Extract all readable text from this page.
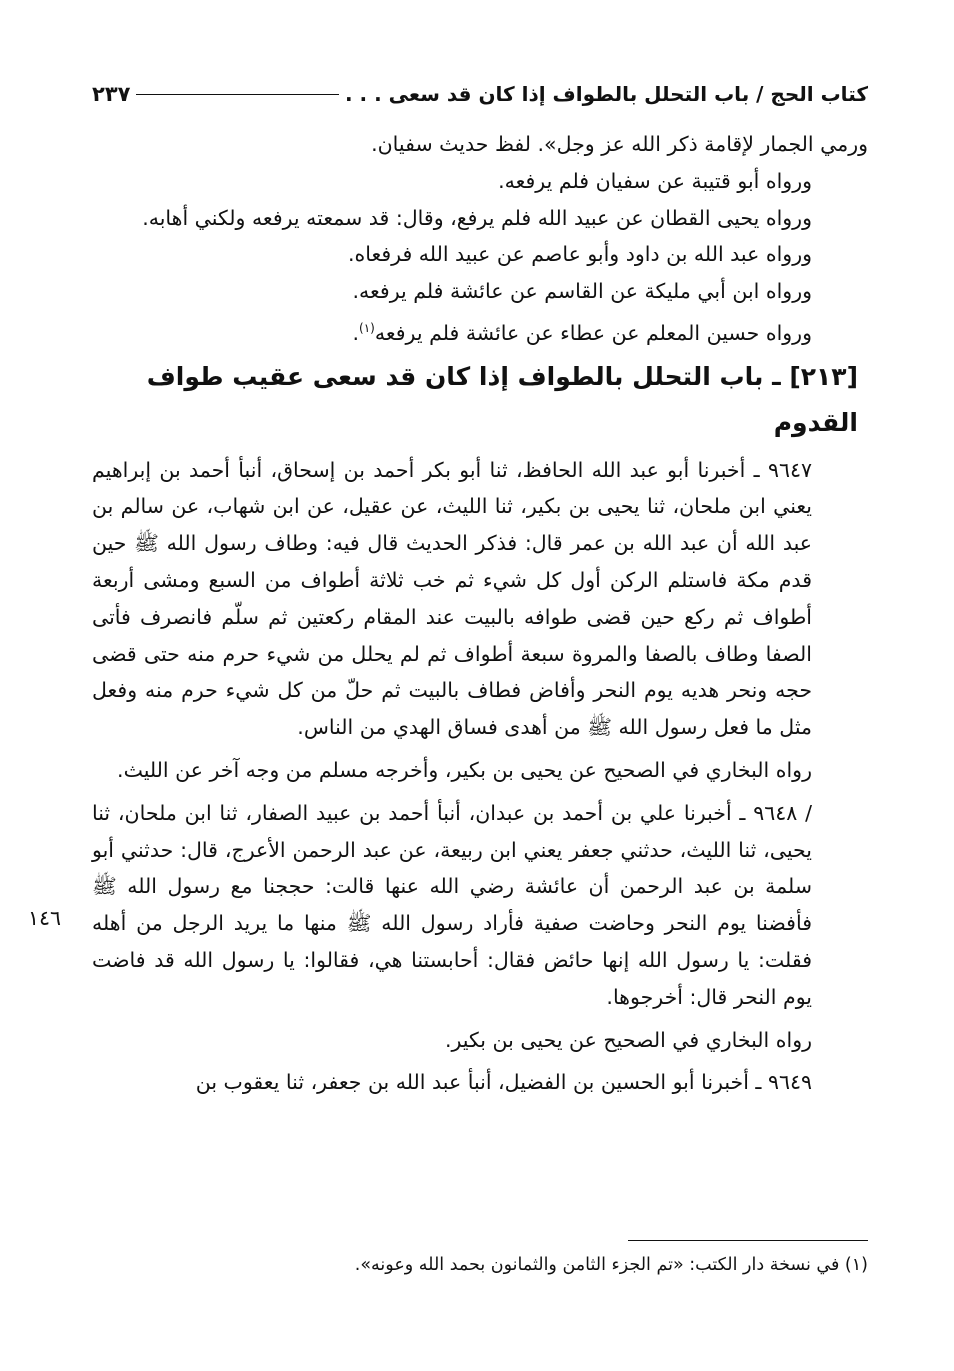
كتاب الحج / باب التحلل بالطواف إذا كان قد سعى . . .
٢٣٧

ورمي الجمار لإقامة ذكر الله عز وجل». لفظ حديث سفيان.

ورواه أبو قتيبة عن سفيان فلم يرفعه.

ورواه يحيى القطان عن عبيد الله فلم يرفع، وقال: قد سمعته يرفعه ولكني أهابه.

ورواه عبد الله بن داود وأبو عاصم عن عبيد الله فرفعاه.

ورواه ابن أبي مليكة عن القاسم عن عائشة فلم يرفعه.

ورواه حسين المعلم عن عطاء عن عائشة فلم يرفعه$^{(١)}$.

[٢١٣] ـ باب التحلل بالطواف إذا كان قد سعى عقيب طواف القدوم

٩٦٤٧ ـ أخبرنا أبو عبد الله الحافظ، ثنا أبو بكر أحمد بن إسحاق، أنبأ أحمد بن إبراهيم يعني ابن ملحان، ثنا يحيى بن بكير، ثنا الليث، عن عقيل، عن ابن شهاب، عن سالم بن عبد الله أن عبد الله بن عمر قال: فذكر الحديث قال فيه: وطاف رسول الله ﷺ حين قدم مكة فاستلم الركن أول كل شيء ثم خب ثلاثة أطواف من السبع ومشى أربعة أطواف ثم ركع حين قضى طوافه بالبيت عند المقام ركعتين ثم سلّم فانصرف فأتى الصفا وطاف بالصفا والمروة سبعة أطواف ثم لم يحلل من شيء حرم منه حتى قضى حجه ونحر هديه يوم النحر وأفاض فطاف بالبيت ثم حلّ من كل شيء حرم منه وفعل مثل ما فعل رسول الله ﷺ من أهدى فساق الهدي من الناس.

رواه البخاري في الصحيح عن يحيى بن بكير، وأخرجه مسلم من وجه آخر عن الليث.

/ ٩٦٤٨ ـ أخبرنا علي بن أحمد بن عبدان، أنبأ أحمد بن عبيد الصفار، ثنا ابن ملحان، ثنا يحيى، ثنا الليث، حدثني جعفر يعني ابن ربيعة، عن عبد الرحمن الأعرج، قال: حدثني أبو سلمة بن عبد الرحمن أن عائشة رضي الله عنها قالت: حججنا مع رسول الله ﷺ فأفضنا يوم النحر وحاضت صفية فأراد رسول الله ﷺ منها ما يريد الرجل من أهله فقلت: يا رسول الله إنها حائض فقال: أحابستنا هي، فقالوا: يا رسول الله قد فاضت يوم النحر قال: أخرجوها.

رواه البخاري في الصحيح عن يحيى بن بكير.

٩٦٤٩ ـ أخبرنا أبو الحسين بن الفضيل، أنبأ عبد الله بن جعفر، ثنا يعقوب بن

١٤٦
(١) في نسخة دار الكتب: «تم الجزء الثامن والثمانون بحمد الله وعونه».
